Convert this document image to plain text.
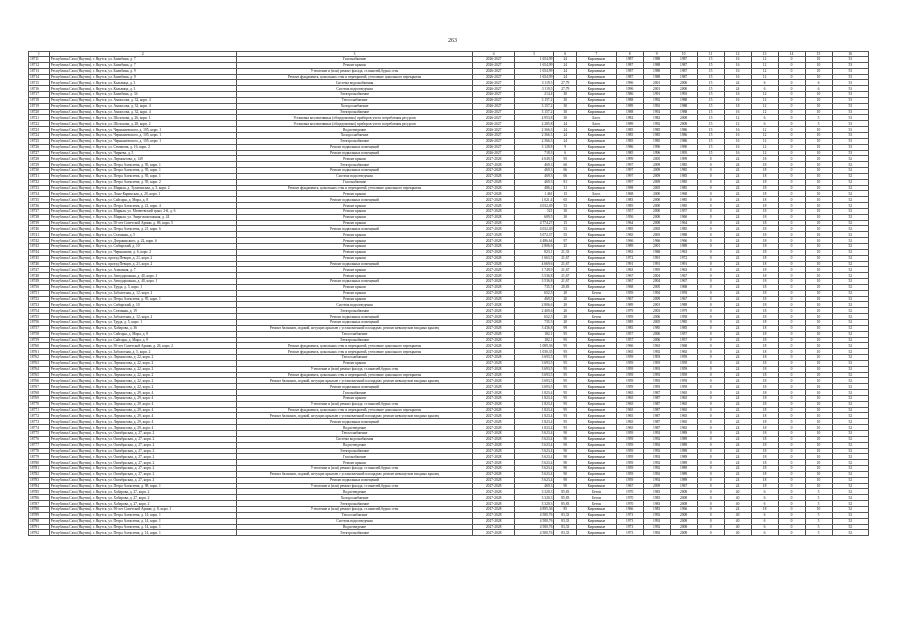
263
1	2	3	4	5	6	7	8	9	10	11	12	13	14	15	16
18711	Республика Саха (Якутия), г. Якутск, ул. Билибина, д. 7	Газоснабжение	2026-2027	1 654,99	24	Кирпичные	1987	1988	1987	15	16	12	0	10	53
18712	Республика Саха (Якутия), г. Якутск, ул. Билибина, д. 7	Ремонт крыши	2026-2027	1 654,99	24	Кирпичные	1987	1988	1987	15	16	12	0	10	53
18713	Республика Саха (Якутия), г. Якутск, ул. Билибина, д. 9	Утепление и (или) ремонт фасада, ст.панелей,бурых стен	2026-2027	1 654,99	24	Кирпичные	1987	1988	1987	15	16	12	0	10	53
18714	Республика Саха (Якутия), г. Якутск, ул. Билибина, д. 9	Ремонт фундамента, цокольных стен и перекрытий, утепление цокольного перекрытия	2026-2027	1 654,99	24	Кирпичные	1987	1988	1987	15	16	12	0	10	53
18715	Республика Саха (Якутия), г. Якутск, ул. Кальвица, д. 3	Система водоснабжения	2026-2027	3 119,5	27,79	Кирпичные	1996	2001	2000	15	24	6	0	6	53
18716	Республика Саха (Якутия), г. Якутск, ул. Кальвица, д. 3	Система водоотведения	2026-2027	3 119,5	27,79	Кирпичные	1996	2001	2000	15	24	6	0	6	53
18717	Республика Саха (Якутия), г. Якутск, ул. Билибина, д. 34	Электроснабжение	2026-2027	214,4	30	Кирпичные	1986	1991	1993	15	16	12	0	10	53
18718	Республика Саха (Якутия), г. Якутск, ул. Аммосова, д. 32, корп. 4	Теплоснабжение	2026-2027	3 157,2	30	Кирпичные	1988	1992	1988	15	16	12	0	10	53
18719	Республика Саха (Якутия), г. Якутск, ул. Аммосова, д. 32, корп. 4	Холодоснабжение	2026-2027	3 157,2	30	Кирпичные	1989	1992	1988	15	18	12	0	10	53
18720	Республика Саха (Якутия), г. Якутск, ул. Аммосова, д. 32, корп. 4	Электроснабжение	2026-2027	3 157,2	30	Кирпичные	1988	1992	1988	15	16	12	0	10	53
18721	Республика Саха (Якутия), г. Якутск, ул. Шолохова, д. 26, корп. 1	Установка коллективных (общедомовых) приборов учета потребления ресурсов	2026-2027	4 953,8	30	Блоч.	1982	1982	2008	15	12	6	0	5	53
18722	Республика Саха (Якутия), г. Якутск, ул. Шолохова, д. 28, корп. 2	Установка коллективных (общедомовых) приборов учета потребления ресурсов	2026-2027	2 285,8	24	Блоч.	1989	1992	2008	15	12	6	0	5	53
18723	Республика Саха (Якутия), г. Якутск, ул. Чернышевского, д. 105, корп. 1	Водоотведение	2026-2027	2 366,3	24	Кирпичные	1985	1985	1986	15	16	12	0	10	53
18724	Республика Саха (Якутия), г. Якутск, ул. Чернышевского, д. 105, корп. 1	Холодоснабжение	2026-2027	2 366,3	24	Кирпичные	1985	1985	1986	15	16	12	0	10	53
18725	Республика Саха (Якутия), г. Якутск, ул. Чернышевского, д. 105, корп. 1	Электроснабжение	2026-2027	2 366,3	24	Кирпичные	1985	1985	1986	15	16	12	0	10	53
18726	Республика Саха (Якутия), г. Якутск, ул. Семенова, д. 16, корп. 2	Ремонт подвальных помещений	2026-2027	3 128,8	9	Кирпичные	1986	1996	1990	15	16	12	0	10	53
18727	Республика Саха (Якутия), г. Якутск, ул. Чиряева, д. 5	Ремонт подвальных помещений	2026-2027	718,3	6	Кирпичные	1985	1996	1995	15	16	12	0	10	53
18728	Республика Саха (Якутия), г. Якутск, ул. Лермонтова, д. 149	Ремонт крыши	2027-2028	4 049,5	95	Кирпичные	1999	2005	1999	0	24	18	0	10	52
18729	Республика Саха (Якутия), г. Якутск, ул. Петра Алексеева, д. 95, корп. 1	Электроснабжение	2027-2028	469,3	66	Кирпичные	1997	2009	1985	0	24	18	0	10	52
18730	Республика Саха (Якутия), г. Якутск, ул. Петра Алексеева, д. 95, корп. 1	Ремонт подвальных помещений	2027-2028	469,3	66	Кирпичные	1997	2009	1985	0	24	18	0	10	52
18731	Республика Саха (Якутия), г. Якутск, ул. Петра Алексеева, д. 95, корп. 1	Система водоотведения	2027-2028	469,3	66	Кирпичные	1997	2009	1985	0	24	18	0	10	52
18732	Республика Саха (Якутия), г. Якутск, ул. Петра Алексеева, д. 95, корп. 2	Газоснабжение	2027-2028	469,3	81	Кирпичные	1997	2009	1985	0	24	18	0	10	52
18733	Республика Саха (Якутия), г. Якутск, ул. Мирная, д. Тулагинская, д. 5, корп. 2	Ремонт фундамента, цокольных стен и перекрытий, утепление цокольного перекрытия	2027-2028	486,2	31	Кирпичные	1998	2005	1985	0	24	18	0	10	52
18734	Республика Саха (Якутия), г. Якутск, ул. Лоно-Каринская, д. 20, корп. 1	Ремонт крыши	2027-2028	1 461	15	Блоч.	1968	2000	1968	0	24	18	0	10	52
18735	Республика Саха (Якутия), г. Якутск, ул. Сайсары, д. Мира, д. 8	Ремонт подвальных помещений	2027-2028	1 021,4	65	Кирпичные	1983	2000	1985	0	24	18	0	10	52
18736	Республика Саха (Якутия), г. Якутск, ул. Петра Алексеева, д. 21, корп. 4	Ремонт крыши	2027-2028	4 032,49	53	Кирпичные	1985	2000	1985	0	24	18	0	10	52
18737	Республика Саха (Якутия), г. Якутск, ул. Мирная, ул. Матвеевский тракт, 2-й, д. 6	Ремонт крыши	2027-2028	521	30	Кирпичные	1957	2000	1957	0	24	18	0	10	52
18738	Республика Саха (Якутия), г. Якутск, ул. Мирная, ул. Энергомонтажная, д. 24	Ремонт крыши	2027-2028	609,5	30	Кирпичные	1956	2000	1960	0	24	18	0	10	52
18739	Республика Саха (Якутия), г. Якутск, ул. 50-лет Советской Армии, д. 86, корп. 5	Ремонт крыши	2027-2028	4 774,27	15	Кирпичные	1964	2008	1964	0	24	18	0	10	52
18740	Республика Саха (Якутия), г. Якутск, ул. Петра Алексеева, д. 21, корп. 6	Ремонт подвальных помещений	2027-2028	4 032,49	53	Кирпичные	1985	2005	1985	0	24	18	0	10	52
18741	Республика Саха (Якутия), г. Якутск, ул. Стачиная, д. 5	Ремонт крыши	2027-2028	5 072,37	55	Кирпичные	1965	2005	1988	0	24	18	0	10	52
18742	Республика Саха (Якутия), г. Якутск, ул. Дзержинского, д. 22, корп. 6	Ремонт крыши	2027-2028	4 486,64	97	Кирпичные	1966	1966	1966	0	24	18	0	10	52
18743	Республика Саха (Якутия), г. Якутск, ул. Сибирский, д. 10	Ремонт крыши	2027-2028	2 806,6	25	Кирпичные	1989	2001	1989	0	24	18	0	10	52
18744	Республика Саха (Якутия), г. Якутск, ул. Чернышова, д. 6, корп. 2	Ремонт крыши	2027-2028	823,1	21,33	Кирпичные	1963	1968	1963	0	24	18	0	10	52
18745	Республика Саха (Якутия), г. Якутск, проезд Певцов, д. 21, корп. 2	Ремонт крыши	2027-2028	1 663,5	21,67	Кирпичные	1972	1991	1972	0	24	18	0	10	52
18746	Республика Саха (Якутия), г. Якутск, проезд Певцов, д. 21, корп. 2	Ремонт подвальных помещений	2027-2028	4 669,6	21,67	Кирпичные	1991	1991	1991	0	24	18	0	10	52
18747	Республика Саха (Якутия), г. Якутск, ул. Алмазная, д. 7	Ремонт крыши	2027-2028	1 749,9	21,67	Кирпичные	1963	1995	1963	0	24	18	0	10	52
18748	Республика Саха (Якутия), г. Якутск, ул. Автодорожная, д. 40, корп. 1	Ремонт крыши	2027-2028	3 536,8	21,67	Кирпичные	1967	2004	1967	0	24	18	0	10	52
18749	Республика Саха (Якутия), г. Якутск, ул. Автодорожная, д. 40, корп. 1	Ремонт подвальных помещений	2027-2028	3 536,8	21,67	Кирпичные	1967	2004	1967	0	24	18	0	10	52
18750	Республика Саха (Якутия), г. Якутск, ул. Труда, д. 5, корп. 1	Ремонт крыши	2027-2028	735,5	20,83	Кирпичные	1968	2005	1968	0	24	18	0	10	52
18751	Республика Саха (Якутия), г. Якутск, ул. Заболотная, д. 12, корп. 2	Ремонт крыши	2027-2028	652,5	20	Бетон	1959	1994	1959	0	24	18	0	10	52
18752	Республика Саха (Якутия), г. Якутск, ул. Петра Алексеева, д. 95, корп. 1	Ремонт крыши	2027-2028	469,3	20	Кирпичные	1967	2009	1967	0	24	18	0	10	52
18753	Республика Саха (Якутия), г. Якутск, ул. Сибирский, д. 10	Система водоотведения	2027-2028	2 806,6	20	Кирпичные	1989	2001	1989	0	24	18	0	10	52
18754	Республика Саха (Якутия), г. Якутск, ул. Стачиная, д. 19	Электроснабжение	2027-2028	2 400,6	20	Кирпичные	1979	2003	1979	0	24	18	0	10	52
18755	Республика Саха (Якутия), г. Якутск, ул. Заболотная, д. 12, корп. 2	Ремонт подвальных помещений	2027-2028	652,5	20	Бетон	1959	2006	1958	0	24	18	0	10	52
18756	Республика Саха (Якутия), г. Якутск, ул. Труда, д. 5, корп. 1	Ремонт подвальных помещений	2027-2028	735,5	20	Кирпичные	1985	2005	1985	0	24	18	0	10	52
18757	Республика Саха (Якутия), г. Якутск, ул. Хабарова, д. 36	Ремонт балконов, лоджий, несущих крыльев с установленной площадью; ремонт невыпусков входных крылец	2027-2028	3 436,8	99	Кирпичные	1985	1985	1985	0	24	18	0	10	52
18758	Республика Саха (Якутия), г. Якутск, ул. Сайсары, д. Мира, д. 8	Теплоснабжение	2027-2028	182,1	95	Кирпичные	1957	2006	1957	0	24	18	0	10	52
18759	Республика Саха (Якутия), г. Якутск, ул. Сайсары, д. Мира, д. 8	Электроснабжение	2027-2028	182,1	95	Кирпичные	1957	2006	1957	0	24	18	0	10	52
18760	Республика Саха (Якутия), г. Якутск, ул. 50-лет Советской Армии, д. 26, корп. 2	Ремонт фундамента, цокольных стен и перекрытий, утепление цокольного перекрытия	2027-2028	1 089,36	95	Кирпичные	1966	1963	1968	0	24	18	0	10	52
18761	Республика Саха (Якутия), г. Якутск, ул. Заболотная, д. 5, корп. 2	Ремонт фундамента, цокольных стен и перекрытий, утепление цокольного перекрытия	2027-2028	1 030,35	95	Кирпичные	1965	1992	1965	0	24	18	0	10	52
18762	Республика Саха (Якутия), г. Якутск, ул. Лермонтова, д. 22, корп. 2	Теплоснабжение	2027-2028	3 693,5	95	Кирпичные	1959	1993	1959	0	24	18	0	10	52
18763	Республика Саха (Якутия), г. Якутск, ул. Лермонтова, д. 22, корп. 2	Ремонт крыши	2027-2028	3 693,5	95	Кирпичные	1959	1993	1959	0	24	18	0	10	52
18764	Республика Саха (Якутия), г. Якутск, ул. Лермонтова, д. 22, корп. 2	Утепление и (или) ремонт фасада, ст.панелей,бурых стен	2027-2028	3 693,5	95	Кирпичные	1959	1993	1959	0	24	18	0	10	52
18765	Республика Саха (Якутия), г. Якутск, ул. Лермонтова, д. 22, корп. 2	Ремонт фундамента, цокольных стен и перекрытий, утепление цокольного перекрытия	2027-2028	3 693,5	95	Кирпичные	1959	1993	1959	0	24	18	0	10	52
18766	Республика Саха (Якутия), г. Якутск, ул. Лермонтова, д. 22, корп. 2	Ремонт балконов, лоджий, несущих крыльев с установленной площадью; ремонт невыпусков входных крылец	2027-2028	3 693,5	95	Кирпичные	1959	1993	1959	0	24	18	0	10	52
18767	Республика Саха (Якутия), г. Якутск, ул. Лермонтова, д. 22, корп. 2	Ремонт подвальных помещений	2027-2028	3 693,5	95	Кирпичные	1959	1993	1959	0	24	18	0	10	52
18768	Республика Саха (Якутия), г. Якутск, ул. Лермонтова, д. 29, корп. 4	Газоснабжение	2027-2028	1 823,4	95	Кирпичные	1965	1987	1965	0	24	18	0	10	52
18769	Республика Саха (Якутия), г. Якутск, ул. Лермонтова, д. 29, корп. 4	Ремонт крыши	2027-2028	1 823,4	95	Кирпичные	1965	1987	1965	0	24	18	0	10	52
18770	Республика Саха (Якутия), г. Якутск, ул. Лермонтова, д. 29, корп. 4	Утепление и (или) ремонт фасада, ст.панелей,бурых стен	2027-2028	1 823,4	95	Кирпичные	1965	1987	1965	0	24	18	0	10	52
18771	Республика Саха (Якутия), г. Якутск, ул. Лермонтова, д. 29, корп. 4	Ремонт фундамента, цокольных стен и перекрытий, утепление цокольного перекрытия	2027-2028	1 823,4	95	Кирпичные	1965	1987	1965	0	24	18	0	10	52
18772	Республика Саха (Якутия), г. Якутск, ул. Лермонтова, д. 29, корп. 4	Ремонт балконов, лоджий, несущих крыльев с установленной площадью; ремонт невыпусков входных крылец	2027-2028	1 823,4	95	Кирпичные	1965	1987	1965	0	24	18	0	10	52
18773	Республика Саха (Якутия), г. Якутск, ул. Лермонтова, д. 29, корп. 4	Ремонт подвальных помещений	2027-2028	1 823,4	95	Кирпичные	1965	1987	1965	0	24	18	0	10	52
18774	Республика Саха (Якутия), г. Якутск, ул. Лермонтова, д. 29, корп. 4	Водоотведение	2027-2028	1 823,4	95	Кирпичные	1965	1987	1965	0	24	18	0	10	52
18775	Республика Саха (Якутия), г. Якутск, ул. Октябрьская, д. 27, корп. 2	Теплоснабжение	2027-2028	5 623,4	90	Кирпичные	1959	1992	1989	0	24	18	0	10	52
18776	Республика Саха (Якутия), г. Якутск, ул. Октябрьская, д. 27, корп. 2	Система водоснабжения	2027-2028	5 623,4	90	Кирпичные	1959	1992	1989	0	24	18	0	10	52
18777	Республика Саха (Якутия), г. Якутск, ул. Октябрьская, д. 27, корп. 2	Водоотведение	2027-2028	5 623,4	90	Кирпичные	1959	1992	1989	0	24	18	0	10	52
18778	Республика Саха (Якутия), г. Якутск, ул. Октябрьская, д. 27, корп. 2	Электроснабжение	2027-2028	5 623,4	90	Кирпичные	1959	1992	1989	0	24	18	0	10	52
18779	Республика Саха (Якутия), г. Якутск, ул. Октябрьская, д. 27, корп. 2	Газоснабжение	2027-2028	5 623,4	90	Кирпичные	1959	1992	1989	0	24	18	0	10	52
18780	Республика Саха (Якутия), г. Якутск, ул. Октябрьская, д. 27, корп. 2	Ремонт крыши	2027-2028	5 623,4	90	Кирпичные	1959	1992	1989	0	24	18	0	10	52
18781	Республика Саха (Якутия), г. Якутск, ул. Октябрьская, д. 27, корп. 2	Утепление и (или) ремонт фасада, ст.панелей,бурых стен	2027-2028	5 623,4	90	Кирпичные	1959	1992	1989	0	24	18	0	10	52
18782	Республика Саха (Якутия), г. Якутск, ул. Октябрьская, д. 27, корп. 2	Ремонт балконов, лоджий, несущих крыльев с установленной площадью; ремонт невыпусков входных крылец	2027-2028	5 623,4	90	Кирпичные	1959	1992	1989	0	24	18	0	10	52
18783	Республика Саха (Якутия), г. Якутск, ул. Октябрьская, д. 27, корп. 2	Ремонт подвальных помещений	2027-2028	5 623,4	90	Кирпичные	1959	1992	1989	0	24	18	0	10	52
18784	Республика Саха (Якутия), г. Якутск, ул. Петра Алексеева, д. 98, корп. 1	Утепление и (или) ремонт фасада, ст.панелей,бурых стен	2027-2028	469,3	90	Кирпичные	1967	2009	1967	0	24	18	0	10	52
18785	Республика Саха (Якутия), г. Якутск, ул. Хабарова, д. 27, корп. 2	Водоотведение	2027-2028	3 320,3	85,83	Бетон	1970	1983	2008	0	40	6	0	5	52
18786	Республика Саха (Якутия), г. Якутск, ул. Хабарова, д. 27, корп. 2	Холодоснабжение	2027-2028	3 320,3	85,83	Бетон	1970	1983	2008	0	40	6	0	5	52
18787	Республика Саха (Якутия), г. Якутск, ул. Хабарова, д. 27, корп. 2	Электроснабжение	2027-2028	3 320,3	85,83	Бетон	1970	1983	2008	0	40	6	0	5	52
18788	Республика Саха (Якутия), г. Якутск, ул. 50-лет Советской Армии, д. 8, корп. 1	Утепление и (или) ремонт фасада, ст.панелей,бурых стен	2027-2028	4 895,36	85	Кирпичные	1966	1983	1966	0	24	18	0	10	52
18789	Республика Саха (Якутия), г. Якутск, ул. Петра Алексеева, д. 14, корп. 1	Теплоснабжение	2027-2028	4 580,76	83,33	Кирпичные	1973	1992	2008	0	40	6	0	5	52
18790	Республика Саха (Якутия), г. Якутск, ул. Петра Алексеева, д. 14, корп. 1	Система водоотведения	2027-2028	4 580,76	83,33	Кирпичные	1973	1992	2008	0	40	6	0	5	52
18791	Республика Саха (Якутия), г. Якутск, ул. Петра Алексеева, д. 14, корп. 1	Водоотведение	2027-2028	4 580,76	83,33	Кирпичные	1973	1992	2008	0	40	6	0	5	52
18792	Республика Саха (Якутия), г. Якутск, ул. Петра Алексеева, д. 14, корп. 1	Электроснабжение	2027-2028	4 580,76	83,33	Кирпичные	1973	1992	2008	0	40	6	0	5	52
